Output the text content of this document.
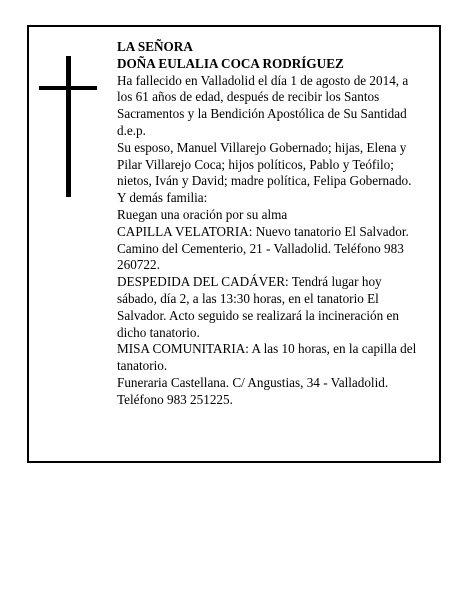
LA SEÑORA

DOÑA EULALIA COCA RODRÍGUEZ

Ha fallecido en Valladolid el día 1 de agosto de 2014, a los 61 años de edad, después de recibir los Santos Sacramentos y la Bendición Apostólica de Su Santidad d.e.p.

Su esposo, Manuel Villarejo Gobernado; hijas, Elena y Pilar Villarejo Coca; hijos políticos, Pablo y Teófilo; nietos, Iván y David; madre política, Felipa Gobernado.

Y demás familia:

Ruegan una oración por su alma

CAPILLA VELATORIA: Nuevo tanatorio El Salvador. Camino del Cementerio, 21 - Valladolid. Teléfono 983 260722.

DESPEDIDA DEL CADÁVER: Tendrá lugar hoy sábado, día 2, a las 13:30 horas, en el tanatorio El Salvador. Acto seguido se realizará la incineración en dicho tanatorio.

MISA COMUNITARIA: A las 10 horas, en la capilla del tanatorio.

Funeraria Castellana. C/ Angustias, 34 - Valladolid. Teléfono 983 251225.
